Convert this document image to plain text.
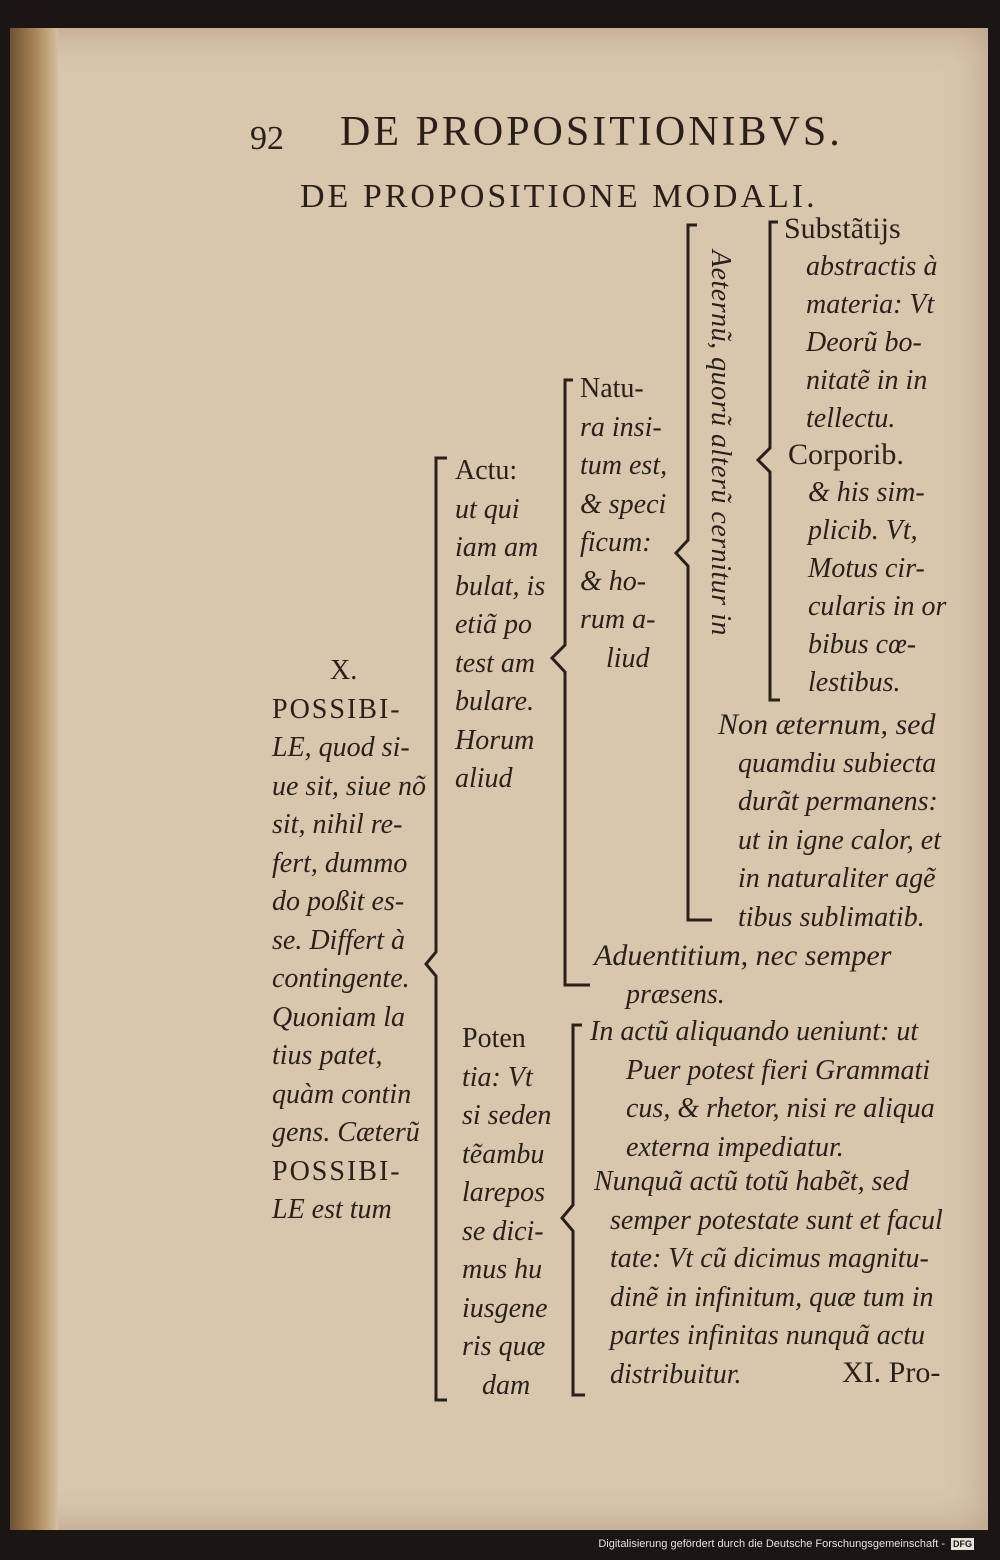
92 DE PROPOSITIONIBVS.
DE PROPOSITIONE MODALI.
X.
POSSIBI-
LE, quod si-
ue sit, siue nõ
sit, nihil re-
fert, dummo
do poßit es-
se. Differt à
contingente.
Quoniam la
tius patet,
quàm contin
gens. Cæterũ
POSSIBI-
LE est tum
Actu:
ut qui
iam am
bulat, is
etiã po
test am
bulare.
Horum
aliud
Poten
tia: Vt
si seden
tẽambu
larepos
se dici-
mus hu
iusgene
ris quæ
dam
Natu-
ra insi-
tum est,
& speci
ficum:
& ho-
rum a-
liud
Aeternũ, quorũ alterũ cernitur in
Substãtijs
abstractis à
materia: Vt
Deorũ bo-
nitatẽ in in
tellectu.
Corporib.
& his sim-
plicib. Vt,
Motus cir-
cularis in or
bibus cœ-
lestibus.
Non æternum, sed
quamdiu subiecta
durãt permanens:
ut in igne calor, et
in naturaliter agẽ
tibus sublimatib.
Aduentitium, nec semper
præsens.
In actũ aliquando ueniunt: ut
Puer potest fieri Grammati
cus, & rhetor, nisi re aliqua
externa impediatur.
Nunquã actũ totũ habẽt, sed
semper potestate sunt et facul
tate: Vt cũ dicimus magnitu-
dinẽ in infinitum, quæ tum in
partes infinitas nunquã actu
distribuitur.	XI. Pro-
Digitalisierung gefördert durch die Deutsche Forschungsgemeinschaft - DFG
